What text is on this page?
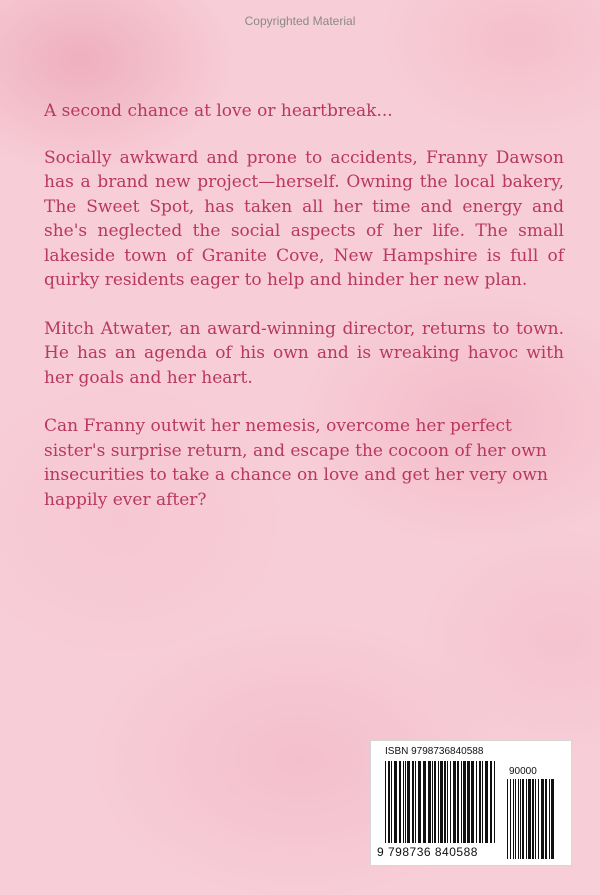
Copyrighted Material

A second chance at love or heartbreak...

Socially awkward and prone to accidents, Franny Dawson has a brand new project—herself. Owning the local bakery, The Sweet Spot, has taken all her time and energy and she's neglected the social aspects of her life. The small lakeside town of Granite Cove, New Hampshire is full of quirky residents eager to help and hinder her new plan.

Mitch Atwater, an award-winning director, returns to town. He has an agenda of his own and is wreaking havoc with her goals and her heart.

Can Franny outwit her nemesis, overcome her perfect sister's surprise return, and escape the cocoon of her own insecurities to take a chance on love and get her very own happily ever after?

ISBN 9798736840588
90000
9 798736 840588
